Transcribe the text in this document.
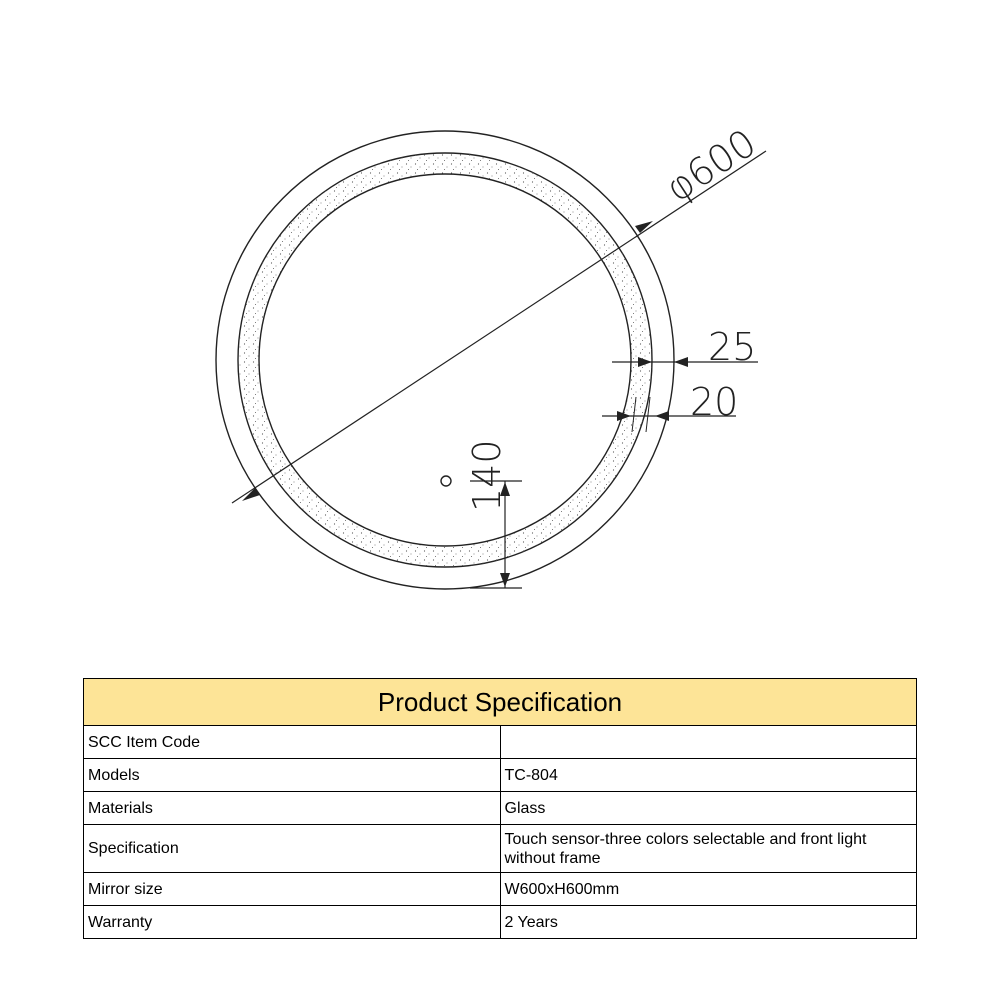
φ600
25
20
140
Product Specification	
SCC Item Code	
Models	TC-804
Materials	Glass
Specification	Touch sensor-three colors selectable and front light without frame
Mirror size	W600xH600mm
Warranty	2 Years
